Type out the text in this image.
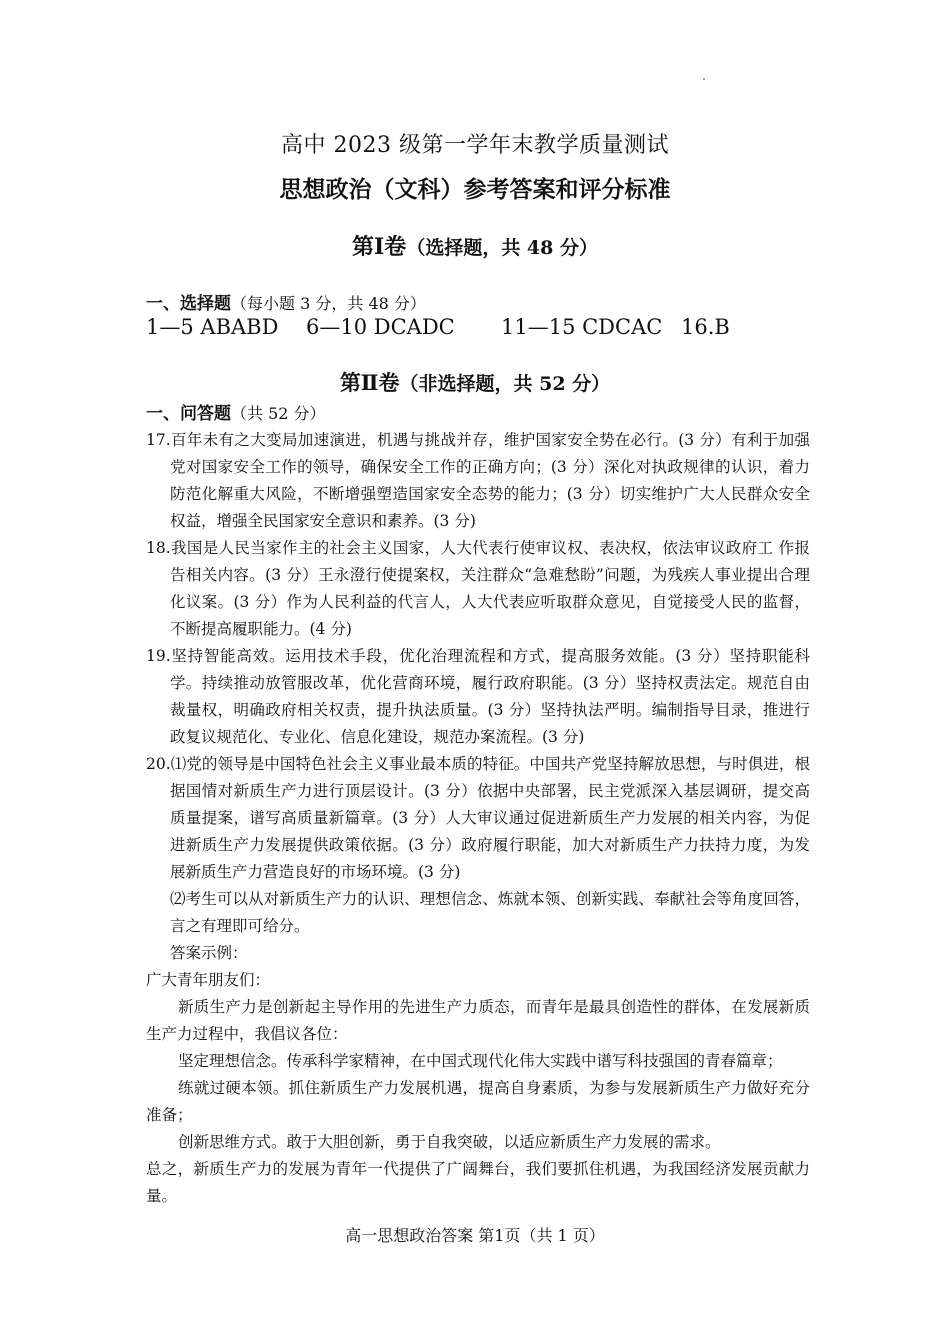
高中 2023 级第一学年末教学质量测试
思想政治（文科）参考答案和评分标准
第Ⅰ卷（选择题，共 48 分）
一、选择题（每小题 3 分，共 48 分）
1—5 ABABD 6—10 DCADC 11—15 CDCAC 16.B
第Ⅱ卷（非选择题，共 52 分）
一、问答题（共 52 分）

17.百年未有之大变局加速演进，机遇与挑战并存，维护国家安全势在必行。(3 分）有利于加强党对国家安全工作的领导，确保安全工作的正确方向；(3 分）深化对执政规律的认识，着力防范化解重大风险，不断增强塑造国家安全态势的能力；(3 分）切实维护广大人民群众安全权益，增强全民国家安全意识和素养。(3 分)

18.我国是人民当家作主的社会主义国家，人大代表行使审议权、表决权，依法审议政府工 作报告相关内容。(3 分）王永澄行使提案权，关注群众“急难愁盼”问题，为残疾人事业提出合理化议案。(3 分）作为人民利益的代言人，人大代表应听取群众意见，自觉接受人民的监督，不断提高履职能力。(4 分)

19.坚持智能高效。运用技术手段，优化治理流程和方式，提高服务效能。(3 分）坚持职能科学。持续推动放管服改革，优化营商环境，履行政府职能。(3 分）坚持权责法定。规范自由裁量权，明确政府相关权责，提升执法质量。(3 分）坚持执法严明。编制指导目录，推进行政复议规范化、专业化、信息化建设，规范办案流程。(3 分)

20.⑴党的领导是中国特色社会主义事业最本质的特征。中国共产党坚持解放思想，与时俱进，根据国情对新质生产力进行顶层设计。(3 分）依据中央部署，民主党派深入基层调研，提交高质量提案，谱写高质量新篇章。(3 分）人大审议通过促进新质生产力发展的相关内容，为促进新质生产力发展提供政策依据。(3 分）政府履行职能，加大对新质生产力扶持力度，为发展新质生产力营造良好的市场环境。(3 分)

⑵考生可以从对新质生产力的认识、理想信念、炼就本领、创新实践、奉献社会等角度回答，言之有理即可给分。

答案示例：

广大青年朋友们：

新质生产力是创新起主导作用的先进生产力质态，而青年是最具创造性的群体，在发展新质生产力过程中，我倡议各位：

坚定理想信念。传承科学家精神，在中国式现代化伟大实践中谱写科技强国的青春篇章；

练就过硬本领。抓住新质生产力发展机遇，提高自身素质，为参与发展新质生产力做好充分准备；

创新思维方式。敢于大胆创新，勇于自我突破，以适应新质生产力发展的需求。

总之，新质生产力的发展为青年一代提供了广阔舞台，我们要抓住机遇，为我国经济发展贡献力量。

高一思想政治答案 第1页（共 1 页）
